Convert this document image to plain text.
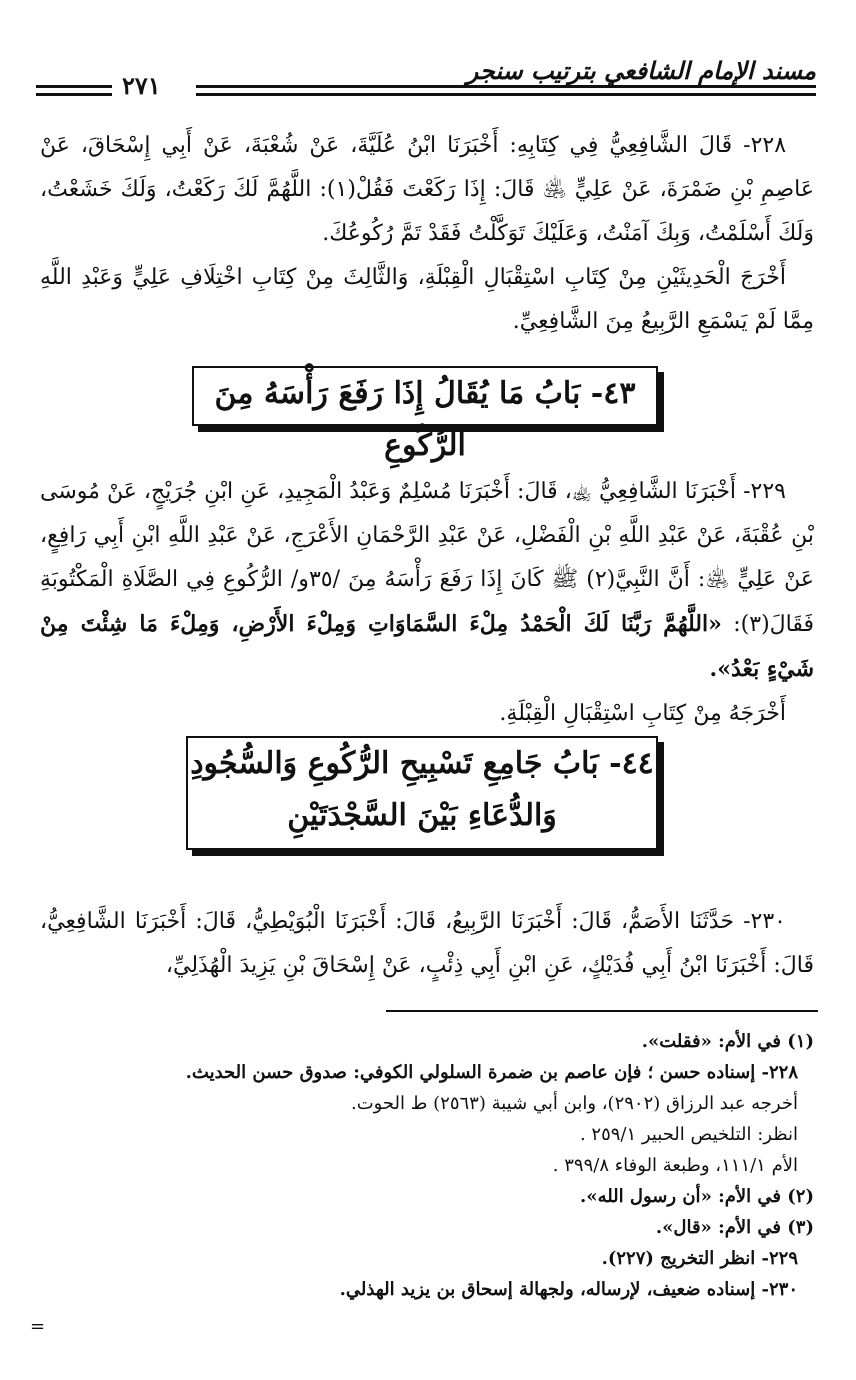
مسند الإمام الشافعي بترتيب سنجر
٢٧١

٢٢٨- قَالَ الشَّافِعِيُّ فِي كِتَابِهِ: أَخْبَرَنَا ابْنُ عُلَيَّةَ، عَنْ شُعْبَةَ، عَنْ أَبِي إِسْحَاقَ، عَنْ عَاصِمِ بْنِ ضَمْرَةَ، عَنْ عَلِيٍّ ﵁ قَالَ: إِذَا رَكَعْتَ فَقُلْ(١): اللَّهُمَّ لَكَ رَكَعْتُ، وَلَكَ خَشَعْتُ، وَلَكَ أَسْلَمْتُ، وَبِكَ آمَنْتُ، وَعَلَيْكَ تَوَكَّلْتُ فَقَدْ تَمَّ رُكُوعُكَ.

أَخْرَجَ الْحَدِيثَيْنِ مِنْ كِتَابِ اسْتِقْبَالِ الْقِبْلَةِ، وَالثَّالِثَ مِنْ كِتَابِ اخْتِلَافِ عَلِيٍّ وَعَبْدِ اللَّهِ مِمَّا لَمْ يَسْمَعِ الرَّبِيعُ مِنَ الشَّافِعِيِّ.

٤٣- بَابُ مَا يُقَالُ إِذَا رَفَعَ رَأْسَهُ مِنَ الرُّكُوعِ

٢٢٩- أَخْبَرَنَا الشَّافِعِيُّ ﵀، قَالَ: أَخْبَرَنَا مُسْلِمٌ وَعَبْدُ الْمَجِيدِ، عَنِ ابْنِ جُرَيْجٍ، عَنْ مُوسَى بْنِ عُقْبَةَ، عَنْ عَبْدِ اللَّهِ بْنِ الْفَضْلِ، عَنْ عَبْدِ الرَّحْمَانِ الأَعْرَجِ، عَنْ عَبْدِ اللَّهِ ابْنِ أَبِي رَافِعٍ، عَنْ عَلِيٍّ ﵁: أَنَّ النَّبِيَّ(٢) ﷺ كَانَ إِذَا رَفَعَ رَأْسَهُ مِنَ /٣٥و/ الرُّكُوعِ فِي الصَّلَاةِ الْمَكْتُوبَةِ فَقَالَ(٣): «اللَّهُمَّ رَبَّنَا لَكَ الْحَمْدُ مِلْءَ السَّمَاوَاتِ وَمِلْءَ الأَرْضِ، وَمِلْءَ مَا شِئْتَ مِنْ شَيْءٍ بَعْدُ».

أَخْرَجَهُ مِنْ كِتَابِ اسْتِقْبَالِ الْقِبْلَةِ.

٤٤- بَابُ جَامِعِ تَسْبِيحِ الرُّكُوعِ وَالسُّجُودِ
وَالدُّعَاءِ بَيْنَ السَّجْدَتَيْنِ

٢٣٠- حَدَّثَنَا الأَصَمُّ، قَالَ: أَخْبَرَنَا الرَّبِيعُ، قَالَ: أَخْبَرَنَا الْبُوَيْطِيُّ، قَالَ: أَخْبَرَنَا الشَّافِعِيُّ، قَالَ: أَخْبَرَنَا ابْنُ أَبِي فُدَيْكٍ، عَنِ ابْنِ أَبِي ذِئْبٍ، عَنْ إِسْحَاقَ بْنِ يَزِيدَ الْهُذَلِيِّ،

(١) في الأم: «فقلت».
٢٢٨- إسناده حسن ؛ فإن عاصم بن ضمرة السلولي الكوفي: صدوق حسن الحديث.
أخرجه عبد الرزاق (٢٩٠٢)، وابن أبي شيبة (٢٥٦٣) ط الحوت.
انظر: التلخيص الحبير ٢٥٩/١ .
الأم ١١١/١، وطبعة الوفاء ٣٩٩/٨ .
(٢) في الأم: «أن رسول الله».
(٣) في الأم: «قال».
٢٢٩- انظر التخريج (٢٢٧).
٢٣٠- إسناده ضعيف، لإرساله، ولجهالة إسحاق بن يزيد الهذلي.
=
